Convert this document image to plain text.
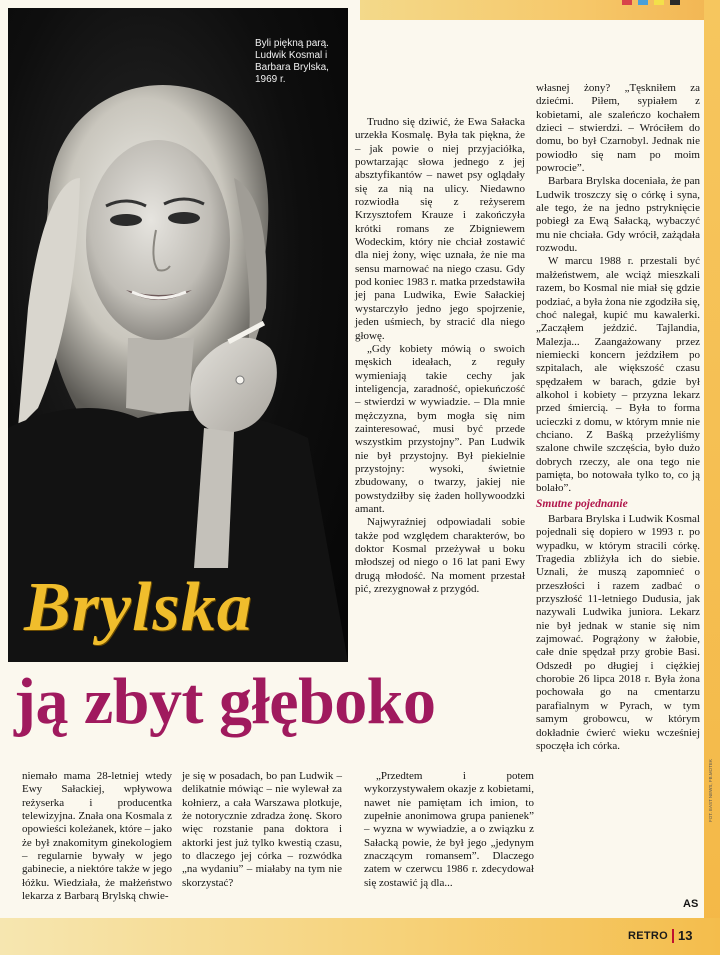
Byli piękną parą. Ludwik Kosmal i Barbara Brylska, 1969 r.
Brylska

Trudno się dziwić, że Ewa Sałacka urzekła Kosmalę. Była tak piękna, że – jak powie o niej przyjaciółka, powtarzając słowa jednego z jej absztyfikantów – nawet psy oglądały się za nią na ulicy. Niedawno rozwiodła się z reżyserem Krzysztofem Krauze i zakończyła krótki romans ze Zbigniewem Wodeckim, który nie chciał zostawić dla niej żony, więc uznała, że nie ma sensu marnować na niego czasu. Gdy pod koniec 1983 r. matka przedstawiła jej pana Ludwika, Ewie Sałackiej wystarczyło jedno jego spojrzenie, jeden uśmiech, by stracić dla niego głowę.

„Gdy kobiety mówią o swoich męskich ideałach, z reguły wymieniają takie cechy jak inteligencja, zaradność, opiekuńczość – stwierdzi w wywiadzie. – Dla mnie mężczyzna, bym mogła się nim zainteresować, musi być przede wszystkim przystojny”. Pan Ludwik nie był przystojny. Był piekielnie przystojny: wysoki, świetnie zbudowany, o twarzy, jakiej nie powstydziłby się żaden hollywoodzki amant.

Najwyraźniej odpowiadali sobie także pod względem charakterów, bo doktor Kosmal przeżywał u boku młodszej od niego o 16 lat pani Ewy drugą młodość. Na moment przestał pić, zrezygnował z przygód.

własnej żony? „Tęskniłem za dziećmi. Piłem, sypiałem z kobietami, ale szaleńczo kochałem dzieci – stwierdzi. – Wróciłem do domu, bo był Czarnobyl. Jednak nie powiodło się nam po moim powrocie”.

Barbara Brylska doceniała, że pan Ludwik troszczy się o córkę i syna, ale tego, że na jedno pstryknięcie pobiegł za Ewą Sałacką, wybaczyć mu nie chciała. Gdy wrócił, zażądała rozwodu.

W marcu 1988 r. przestali być małżeństwem, ale wciąż mieszkali razem, bo Kosmal nie miał się gdzie podziać, a była żona nie zgodziła się, choć nalegał, kupić mu kawalerki. „Zacząłem jeździć. Tajlandia, Malezja... Zaangażowany przez niemiecki koncern jeździłem po szpitalach, ale większość czasu spędzałem w barach, gdzie był alkohol i kobiety – przyzna lekarz przed śmiercią. – Była to forma ucieczki z domu, w którym mnie nie chciano. Z Baśką przeżyliśmy szalone chwile szczęścia, było dużo dobrych rzeczy, ale ona tego nie pamięta, bo notowała tylko to, co ją bolało”.

Smutne pojednanie

Barbara Brylska i Ludwik Kosmal pojednali się dopiero w 1993 r. po wypadku, w którym stracili córkę. Tragedia zbliżyła ich do siebie. Uznali, że muszą zapomnieć o przeszłości i razem zadbać o przyszłość 11-letniego Dudusia, jak nazywali Ludwika juniora. Lekarz nie był jednak w stanie się nim zajmować. Pogrążony w żałobie, całe dnie spędzał przy grobie Basi. Odszedł po długiej i ciężkiej chorobie 26 lipca 2018 r. Była żona pochowała go na cmentarzu parafialnym w Pyrach, w tym samym grobowcu, w którym dokładnie ćwierć wieku wcześniej spoczęła ich córka.

ją zbyt głęboko

niemało mama 28-letniej wtedy Ewy Sałackiej, wpływowa reżyserka i producentka telewizyjna. Znała ona Kosmala z opowieści koleżanek, które – jako że był znakomitym ginekologiem – regularnie bywały w jego gabinecie, a niektóre także w jego łóżku. Wiedziała, że małżeństwo lekarza z Barbarą Brylską chwie-

je się w posadach, bo pan Ludwik – delikatnie mówiąc – nie wylewał za kołnierz, a cała Warszawa plotkuje, że notorycznie zdradza żonę. Skoro więc rozstanie pana doktora i aktorki jest już tylko kwestią czasu, to dlaczego jej córka – rozwódka „na wydaniu” – miałaby na tym nie skorzystać?

„Przedtem i potem wykorzystywałem okazje z kobietami, nawet nie pamiętam ich imion, to zupełnie anonimowa grupa panienek” – wyzna w wywiadzie, a o związku z Sałacką powie, że był jego „jedynym znaczącym romansem”. Dlaczego zatem w czerwcu 1986 r. zdecydował się zostawić ją dla...

AS
RETRO 13
FOT. EAST NEWS, FB.MOTEK
